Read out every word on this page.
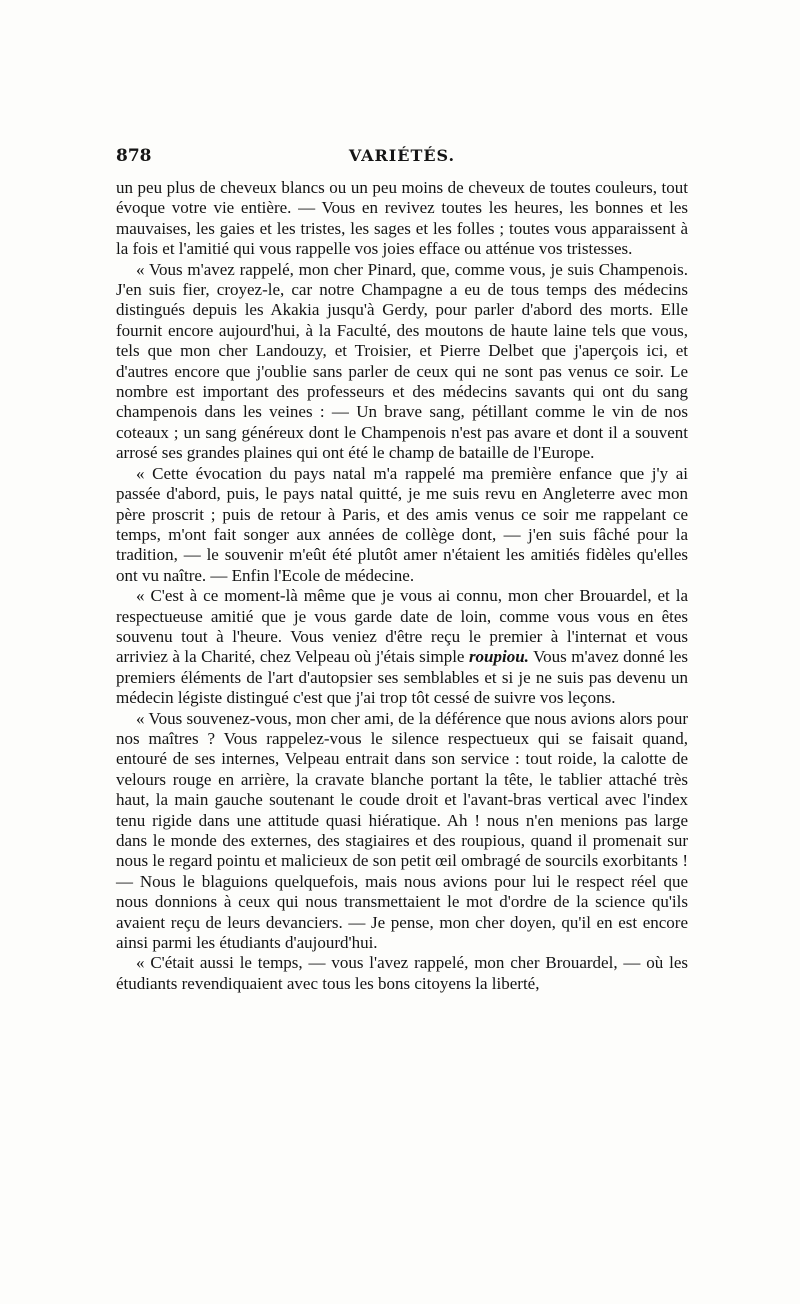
878	VARIÉTÉS.

un peu plus de cheveux blancs ou un peu moins de cheveux de toutes couleurs, tout évoque votre vie entière. — Vous en revivez toutes les heures, les bonnes et les mauvaises, les gaies et les tristes, les sages et les folles ; toutes vous apparaissent à la fois et l'amitié qui vous rappelle vos joies efface ou atténue vos tristesses.

« Vous m'avez rappelé, mon cher Pinard, que, comme vous, je suis Champenois. J'en suis fier, croyez-le, car notre Champagne a eu de tous temps des médecins distingués depuis les Akakia jusqu'à Gerdy, pour parler d'abord des morts. Elle fournit encore aujourd'hui, à la Faculté, des moutons de haute laine tels que vous, tels que mon cher Landouzy, et Troisier, et Pierre Delbet que j'aperçois ici, et d'autres encore que j'oublie sans parler de ceux qui ne sont pas venus ce soir. Le nombre est important des professeurs et des médecins savants qui ont du sang champenois dans les veines : — Un brave sang, pétillant comme le vin de nos coteaux ; un sang généreux dont le Champenois n'est pas avare et dont il a souvent arrosé ses grandes plaines qui ont été le champ de bataille de l'Europe.

« Cette évocation du pays natal m'a rappelé ma première enfance que j'y ai passée d'abord, puis, le pays natal quitté, je me suis revu en Angleterre avec mon père proscrit ; puis de retour à Paris, et des amis venus ce soir me rappelant ce temps, m'ont fait songer aux années de collège dont, — j'en suis fâché pour la tradition, — le souvenir m'eût été plutôt amer n'étaient les amitiés fidèles qu'elles ont vu naître. — Enfin l'Ecole de médecine.

« C'est à ce moment-là même que je vous ai connu, mon cher Brouardel, et la respectueuse amitié que je vous garde date de loin, comme vous vous en êtes souvenu tout à l'heure. Vous veniez d'être reçu le premier à l'internat et vous arriviez à la Charité, chez Velpeau où j'étais simple roupiou. Vous m'avez donné les premiers éléments de l'art d'autopsier ses semblables et si je ne suis pas devenu un médecin légiste distingué c'est que j'ai trop tôt cessé de suivre vos leçons.

« Vous souvenez-vous, mon cher ami, de la déférence que nous avions alors pour nos maîtres ? Vous rappelez-vous le silence respectueux qui se faisait quand, entouré de ses internes, Velpeau entrait dans son service : tout roide, la calotte de velours rouge en arrière, la cravate blanche portant la tête, le tablier attaché très haut, la main gauche soutenant le coude droit et l'avant-bras vertical avec l'index tenu rigide dans une attitude quasi hiératique. Ah ! nous n'en menions pas large dans le monde des externes, des stagiaires et des roupious, quand il promenait sur nous le regard pointu et malicieux de son petit œil ombragé de sourcils exorbitants ! — Nous le blaguions quelquefois, mais nous avions pour lui le respect réel que nous donnions à ceux qui nous transmettaient le mot d'ordre de la science qu'ils avaient reçu de leurs devanciers. — Je pense, mon cher doyen, qu'il en est encore ainsi parmi les étudiants d'aujourd'hui.

« C'était aussi le temps, — vous l'avez rappelé, mon cher Brouardel, — où les étudiants revendiquaient avec tous les bons citoyens la liberté,
